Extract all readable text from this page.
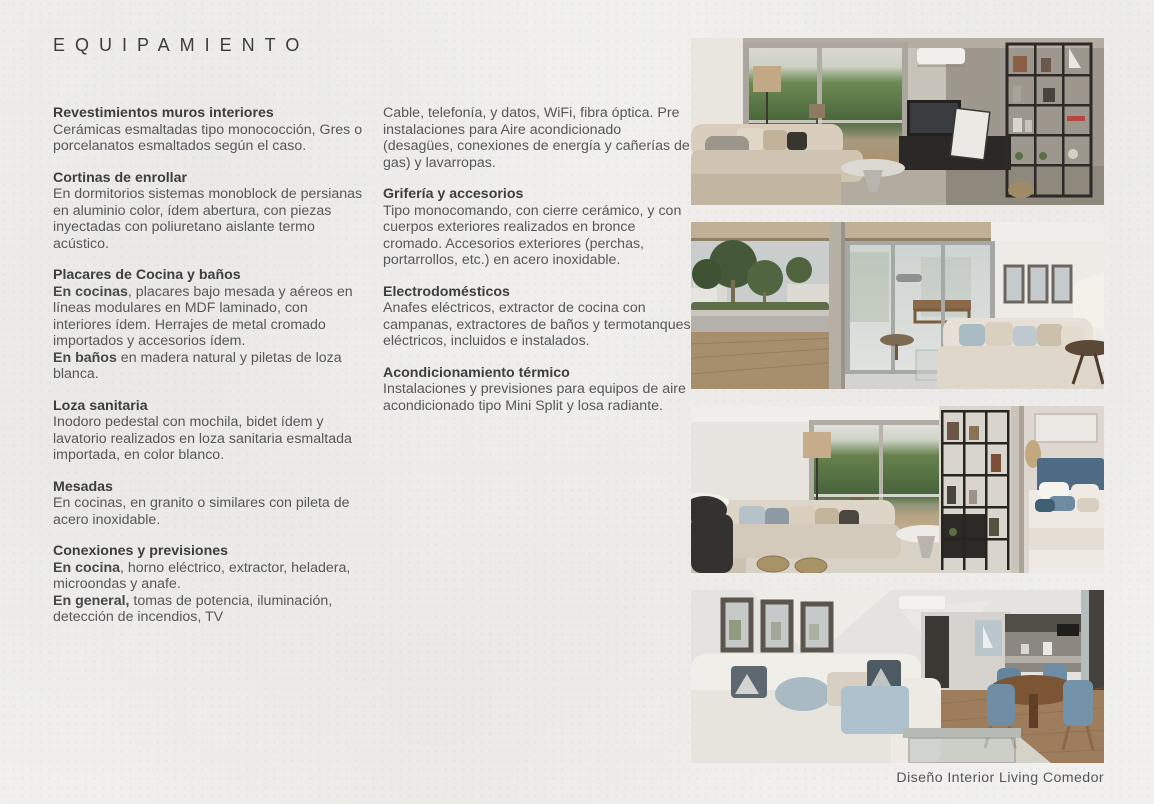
EQUIPAMIENTO
Revestimientos muros interiores

Cerámicas esmaltadas tipo monococción, Gres o porcelanatos esmaltados según el caso.

Cortinas de enrollar

En dormitorios sistemas monoblock de persianas en aluminio color, ídem abertura, con piezas inyectadas con poliuretano aislante termo acústico.

Placares de Cocina y baños

En cocinas, placares bajo mesada y aéreos en líneas modulares en MDF laminado, con interiores ídem. Herrajes de metal cromado importados y accesorios ídem.

En baños en madera natural y piletas de loza blanca.

Loza sanitaria

Inodoro pedestal con mochila, bidet ídem y lavatorio realizados en loza sanitaria esmaltada importada, en color blanco.

Mesadas

En cocinas, en granito o similares con pileta de acero inoxidable.

Conexiones y previsiones

En cocina, horno eléctrico, extractor, heladera, microondas y anafe.

En general, tomas de potencia, iluminación, detección de incendios, TV

Cable, telefonía, y datos, WiFi, fibra óptica. Pre instalaciones para Aire acondicionado (desagües, conexiones de energía y cañerías de gas) y lavarropas.

Grifería y accesorios

Tipo monocomando, con cierre cerámico, y con cuerpos exteriores realizados en bronce cromado. Accesorios exteriores (perchas, portarrollos, etc.) en acero inoxidable.

Electrodomésticos

Anafes eléctricos, extractor de cocina con campanas, extractores de baños y termotanques eléctricos, incluidos e instalados.

Acondicionamiento térmico

Instalaciones y previsiones para equipos de aire acondicionado tipo Mini Split y losa radiante.

Diseño Interior Living Comedor
